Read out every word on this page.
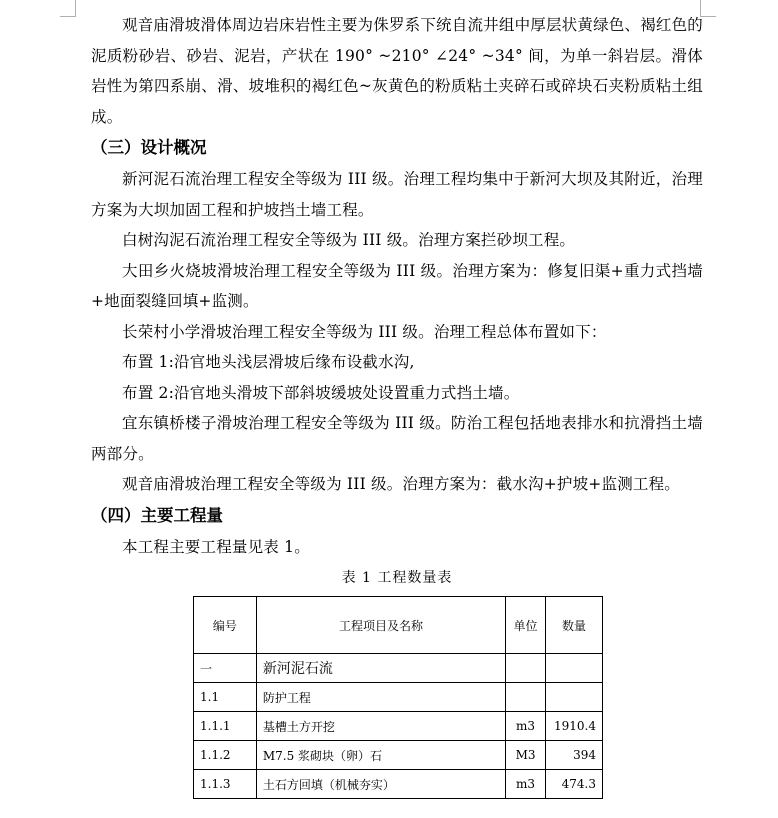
观音庙滑坡滑体周边岩床岩性主要为侏罗系下统自流井组中厚层状黄绿色、褐红色的泥质粉砂岩、砂岩、泥岩，产状在 190° ~210° ∠24° ~34° 间，为单一斜岩层。滑体岩性为第四系崩、滑、坡堆积的褐红色~灰黄色的粉质粘土夹碎石或碎块石夹粉质粘土组成。

（三）设计概况

新河泥石流治理工程安全等级为 III 级。治理工程均集中于新河大坝及其附近，治理方案为大坝加固工程和护坡挡土墙工程。

白树沟泥石流治理工程安全等级为 III 级。治理方案拦砂坝工程。

大田乡火烧坡滑坡治理工程安全等级为 III 级。治理方案为：修复旧渠+重力式挡墙+地面裂缝回填+监测。

长荣村小学滑坡治理工程安全等级为 III 级。治理工程总体布置如下：

布置 1:沿官地头浅层滑坡后缘布设截水沟,

布置 2:沿官地头滑坡下部斜坡缓坡处设置重力式挡土墙。

宜东镇桥楼子滑坡治理工程安全等级为 III 级。防治工程包括地表排水和抗滑挡土墙两部分。

观音庙滑坡治理工程安全等级为 III 级。治理方案为：截水沟+护坡+监测工程。

（四）主要工程量

本工程主要工程量见表 1。

表 1 工程数量表
编号	工程项目及名称	单位	数量
一	新河泥石流		
1.1	防护工程		
1.1.1	基槽土方开挖	m3	1910.4
1.1.2	M7.5 浆砌块（卵）石	M3	394
1.1.3	土石方回填（机械夯实）	m3	474.3
